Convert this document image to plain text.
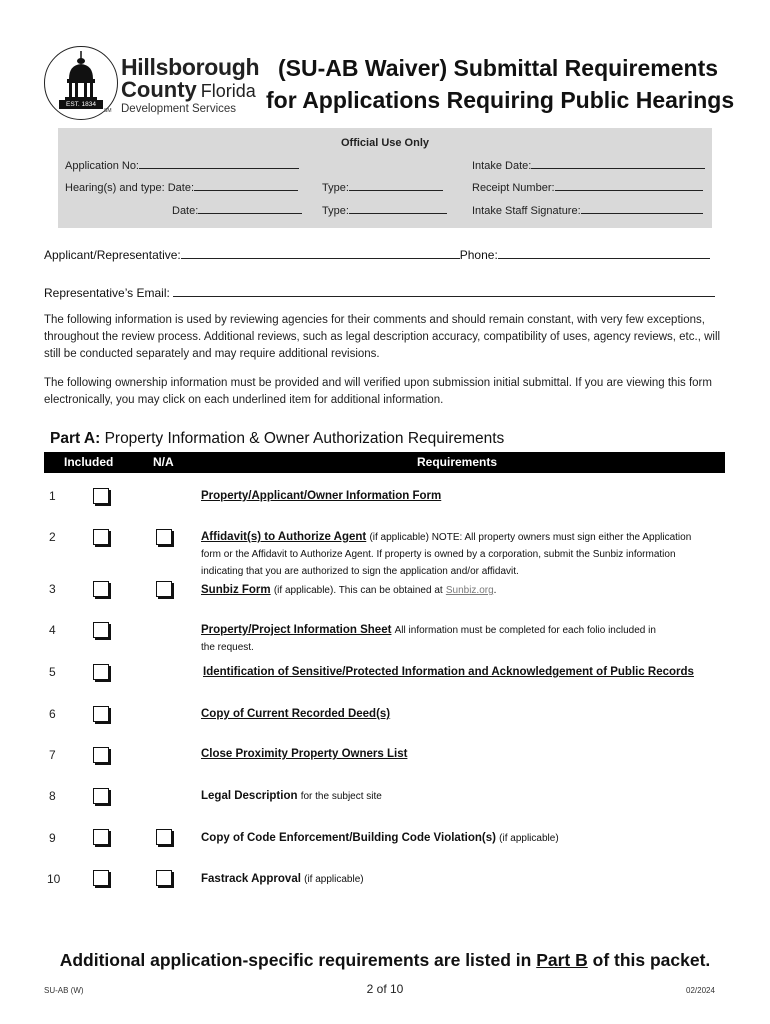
EST. 1834
SM
Hillsborough
County Florida
Development Services
(SU-AB Waiver) Submittal Requirements
for Applications Requiring Public Hearings
Official Use Only
Application No:	Intake Date:
Hearing(s) and type: Date:	Type:	Receipt Number:
Date:	Type:	Intake Staff Signature:
Applicant/Representative:	Phone:
Representative’s Email:
The following information is used by reviewing agencies for their comments and should remain constant, with very few exceptions, throughout the review process. Additional reviews, such as legal description accuracy, compatibility of uses, agency reviews, etc., will still be conducted separately and may require additional revisions.
The following ownership information must be provided and will verified upon submission initial submittal. If you are viewing this form electronically, you may click on each underlined item for additional information.
Part A: Property Information & Owner Authorization Requirements
Included	N/A	Requirements
1	Property/Applicant/Owner Information Form
2	Affidavit(s) to Authorize Agent (if applicable) NOTE: All property owners must sign either the Application
form or the Affidavit to Authorize Agent. If property is owned by a corporation, submit the Sunbiz information
indicating that you are authorized to sign the application and/or affidavit.
3	Sunbiz Form (if applicable). This can be obtained at Sunbiz.org.
4	Property/Project Information Sheet All information must be completed for each folio included in
the request.
5	Identification of Sensitive/Protected Information and Acknowledgement of Public Records
6	Copy of Current Recorded Deed(s)
7	Close Proximity Property Owners List
8	Legal Description for the subject site
9	Copy of Code Enforcement/Building Code Violation(s) (if applicable)
10	Fastrack Approval (if applicable)
Additional application-specific requirements are listed in Part B of this packet.
SU-AB (W)	2 of 10	02/2024
